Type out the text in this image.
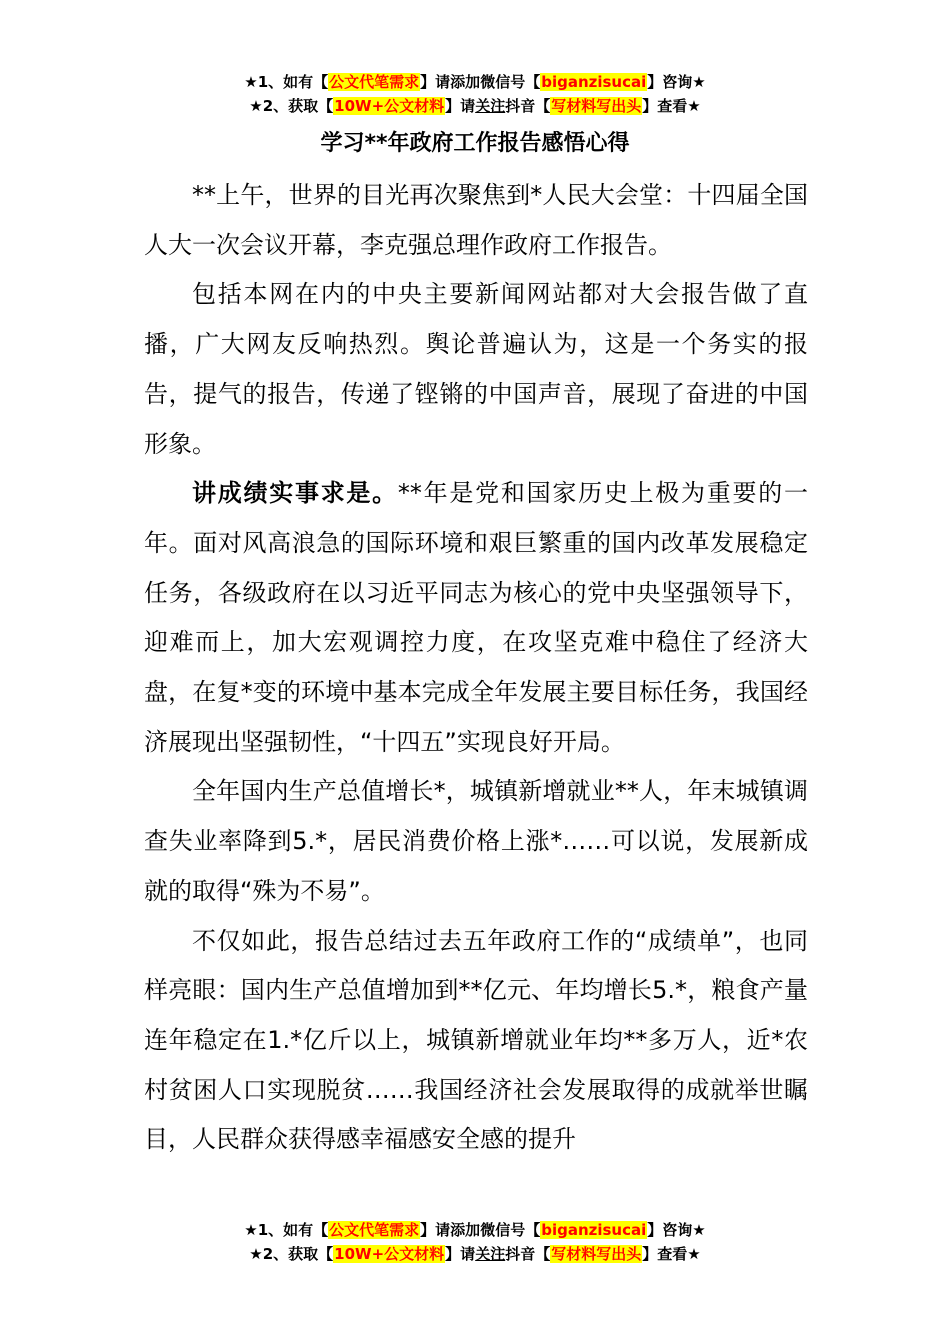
★1、如有【公文代笔需求】请添加微信号【biganzisucai】咨询★
★2、获取【10W+公文材料】请关注抖音【写材料写出头】查看★
学习**年政府工作报告感悟心得

**上午，世界的目光再次聚焦到*人民大会堂：十四届全国人大一次会议开幕，李克强总理作政府工作报告。

包括本网在内的中央主要新闻网站都对大会报告做了直播，广大网友反响热烈。舆论普遍认为，这是一个务实的报告，提气的报告，传递了铿锵的中国声音，展现了奋进的中国形象。

讲成绩实事求是。**年是党和国家历史上极为重要的一年。面对风高浪急的国际环境和艰巨繁重的国内改革发展稳定任务，各级政府在以习近平同志为核心的党中央坚强领导下，迎难而上，加大宏观调控力度，在攻坚克难中稳住了经济大盘，在复*变的环境中基本完成全年发展主要目标任务，我国经济展现出坚强韧性，“十四五”实现良好开局。

全年国内生产总值增长*，城镇新增就业**人，年末城镇调查失业率降到5.*，居民消费价格上涨*……可以说，发展新成就的取得“殊为不易”。

不仅如此，报告总结过去五年政府工作的“成绩单”，也同样亮眼：国内生产总值增加到**亿元、年均增长5.*，粮食产量连年稳定在1.*亿斤以上，城镇新增就业年均**多万人，近*农村贫困人口实现脱贫……我国经济社会发展取得的成就举世瞩目，人民群众获得感幸福感安全感的提升

★1、如有【公文代笔需求】请添加微信号【biganzisucai】咨询★
★2、获取【10W+公文材料】请关注抖音【写材料写出头】查看★
